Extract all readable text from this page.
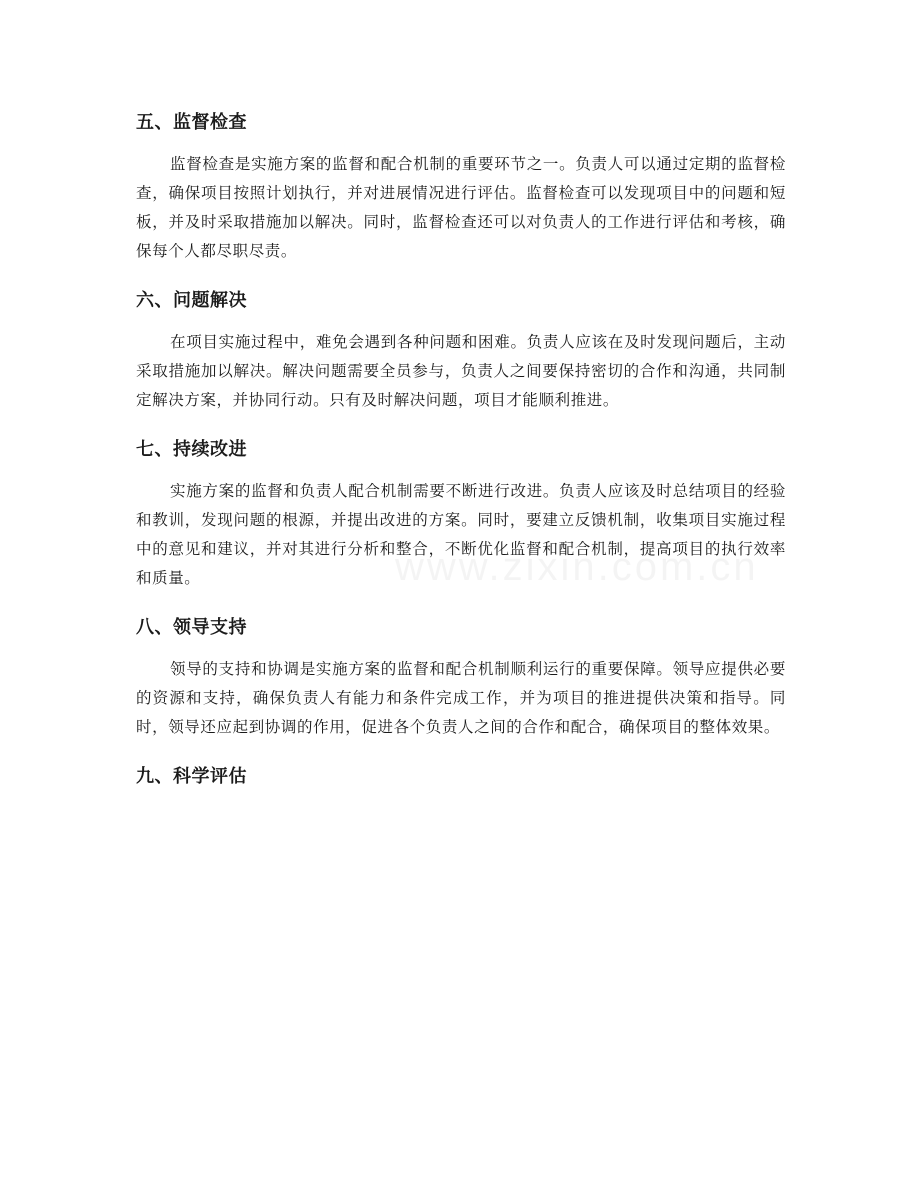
五、监督检查

监督检查是实施方案的监督和配合机制的重要环节之一。负责人可以通过定期的监督检查，确保项目按照计划执行，并对进展情况进行评估。监督检查可以发现项目中的问题和短板，并及时采取措施加以解决。同时，监督检查还可以对负责人的工作进行评估和考核，确保每个人都尽职尽责。

六、问题解决

在项目实施过程中，难免会遇到各种问题和困难。负责人应该在及时发现问题后，主动采取措施加以解决。解决问题需要全员参与，负责人之间要保持密切的合作和沟通，共同制定解决方案，并协同行动。只有及时解决问题，项目才能顺利推进。

七、持续改进

实施方案的监督和负责人配合机制需要不断进行改进。负责人应该及时总结项目的经验和教训，发现问题的根源，并提出改进的方案。同时，要建立反馈机制，收集项目实施过程中的意见和建议，并对其进行分析和整合，不断优化监督和配合机制，提高项目的执行效率和质量。

八、领导支持

领导的支持和协调是实施方案的监督和配合机制顺利运行的重要保障。领导应提供必要的资源和支持，确保负责人有能力和条件完成工作，并为项目的推进提供决策和指导。同时，领导还应起到协调的作用，促进各个负责人之间的合作和配合，确保项目的整体效果。

九、科学评估
